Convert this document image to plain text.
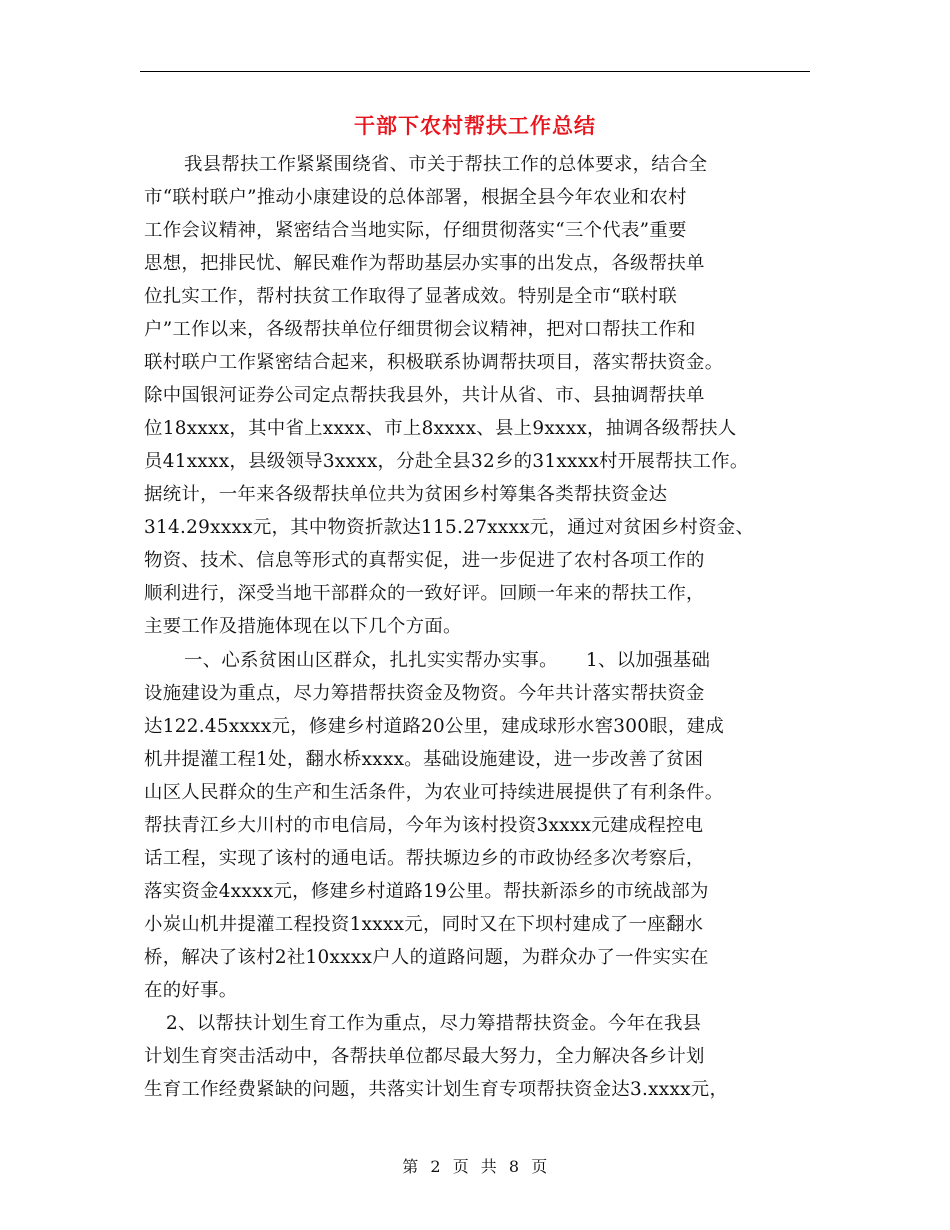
干部下农村帮扶工作总结
我县帮扶工作紧紧围绕省、市关于帮扶工作的总体要求，结合全
市“联村联户”推动小康建设的总体部署，根据全县今年农业和农村
工作会议精神，紧密结合当地实际，仔细贯彻落实“三个代表”重要
思想，把排民忧、解民难作为帮助基层办实事的出发点，各级帮扶单
位扎实工作，帮村扶贫工作取得了显著成效。特别是全市“联村联
户”工作以来，各级帮扶单位仔细贯彻会议精神，把对口帮扶工作和
联村联户工作紧密结合起来，积极联系协调帮扶项目，落实帮扶资金。
除中国银河证券公司定点帮扶我县外，共计从省、市、县抽调帮扶单
位18xxxx，其中省上xxxx、市上8xxxx、县上9xxxx，抽调各级帮扶人
员41xxxx，县级领导3xxxx，分赴全县32乡的31xxxx村开展帮扶工作。
据统计，一年来各级帮扶单位共为贫困乡村筹集各类帮扶资金达
314.29xxxx元，其中物资折款达115.27xxxx元，通过对贫困乡村资金、
物资、技术、信息等形式的真帮实促，进一步促进了农村各项工作的
顺利进行，深受当地干部群众的一致好评。回顾一年来的帮扶工作，
主要工作及措施体现在以下几个方面。
一、心系贫困山区群众，扎扎实实帮办实事。　　1、以加强基础
设施建设为重点，尽力筹措帮扶资金及物资。今年共计落实帮扶资金
达122.45xxxx元，修建乡村道路20公里，建成球形水窖300眼，建成
机井提灌工程1处，翻水桥xxxx。基础设施建设，进一步改善了贫困
山区人民群众的生产和生活条件，为农业可持续进展提供了有利条件。
帮扶青江乡大川村的市电信局，今年为该村投资3xxxx元建成程控电
话工程，实现了该村的通电话。帮扶塬边乡的市政协经多次考察后，
落实资金4xxxx元，修建乡村道路19公里。帮扶新添乡的市统战部为
小炭山机井提灌工程投资1xxxx元，同时又在下坝村建成了一座翻水
桥，解决了该村2社10xxxx户人的道路问题，为群众办了一件实实在
在的好事。
2、以帮扶计划生育工作为重点，尽力筹措帮扶资金。今年在我县
计划生育突击活动中，各帮扶单位都尽最大努力，全力解决各乡计划
生育工作经费紧缺的问题，共落实计划生育专项帮扶资金达3.xxxx元，
第 2 页 共 8 页
